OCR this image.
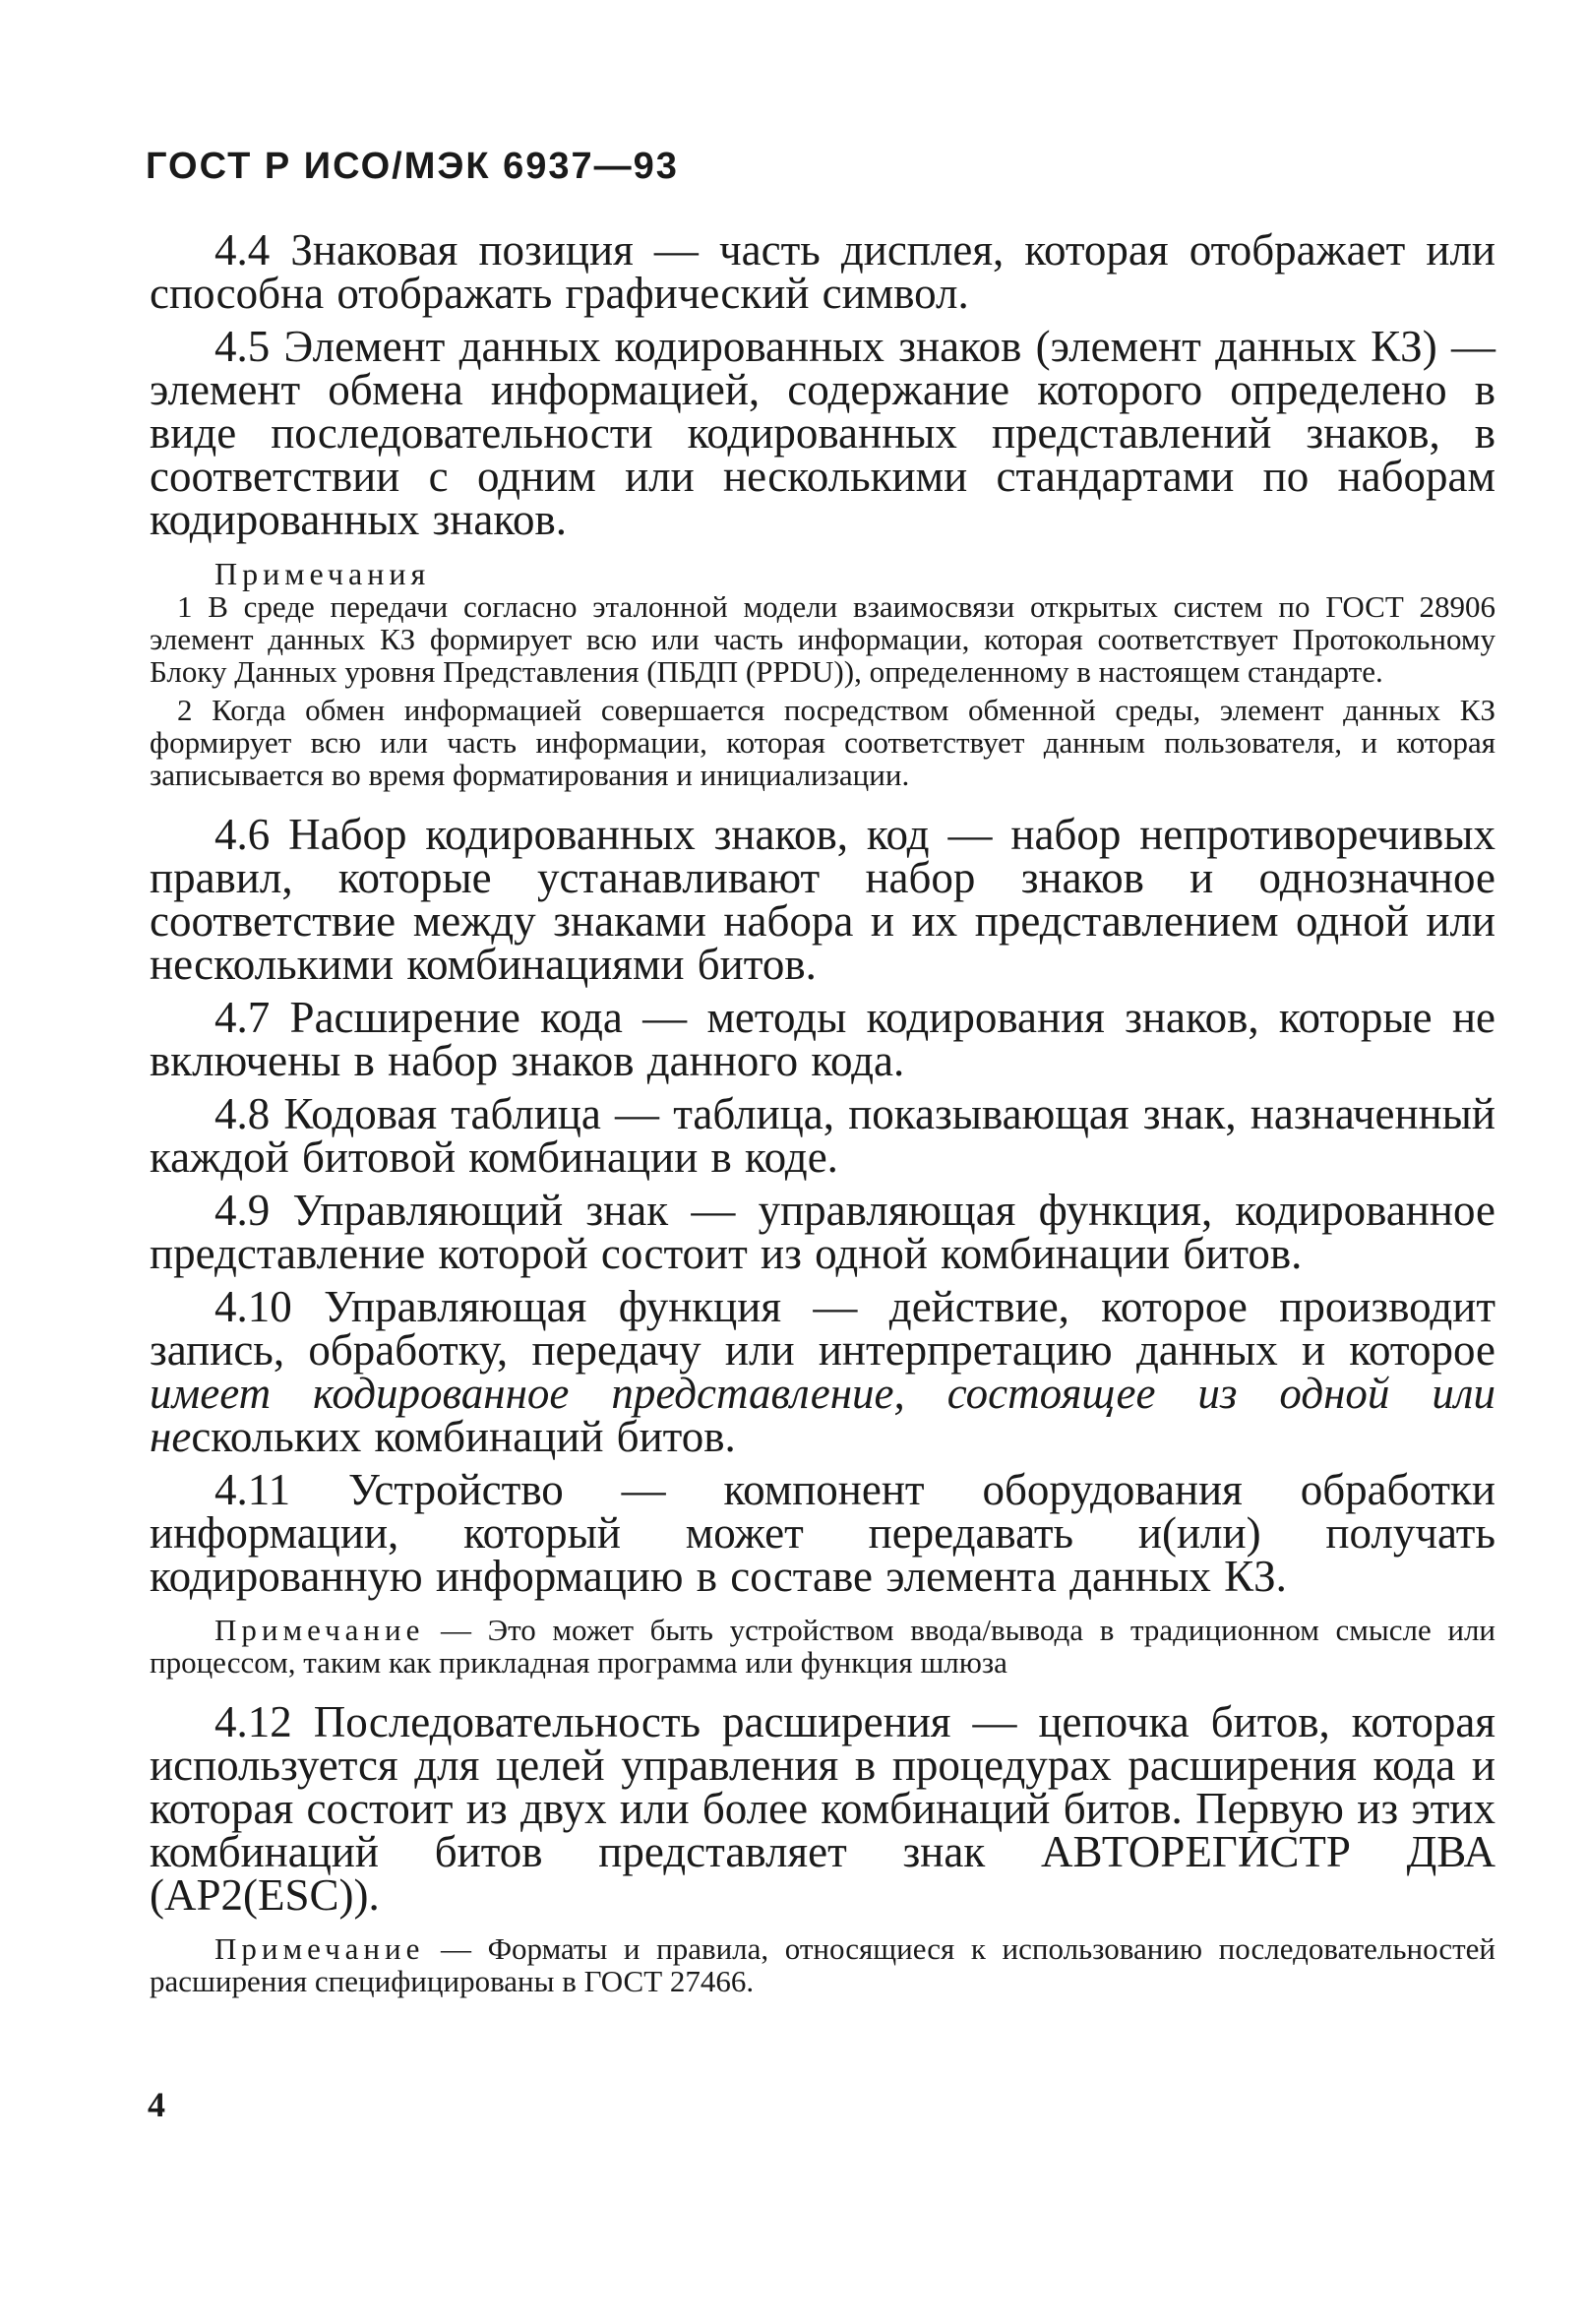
ГОСТ Р ИСО/МЭК 6937—93

4.4 Знаковая позиция — часть дисплея, которая отображает или способна отображать графический символ.

4.5 Элемент данных кодированных знаков (элемент данных КЗ) — элемент обмена информацией, содержание которого определено в виде последовательности кодированных представлений знаков, в соответствии с одним или несколькими стандартами по наборам кодированных знаков.

Примечания

1 В среде передачи согласно эталонной модели взаимосвязи открытых систем по ГОСТ 28906 элемент данных КЗ формирует всю или часть информации, которая соответствует Протокольному Блоку Данных уровня Представления (ПБДП (PPDU)), определенному в настоящем стандарте.

2 Когда обмен информацией совершается посредством обменной среды, элемент данных КЗ формирует всю или часть информации, которая соответствует данным пользователя, и которая записывается во время форматирования и инициализации.

4.6 Набор кодированных знаков, код — набор непротиворечивых правил, которые устанавливают набор знаков и однозначное соответствие между знаками набора и их представлением одной или несколькими комбинациями битов.

4.7 Расширение кода — методы кодирования знаков, которые не включены в набор знаков данного кода.

4.8 Кодовая таблица — таблица, показывающая знак, назначенный каждой битовой комбинации в коде.

4.9 Управляющий знак — управляющая функция, кодированное представление которой состоит из одной комбинации битов.

4.10 Управляющая функция — действие, которое производит запись, обработку, передачу или интерпретацию данных и которое имеет кодированное представление, состоящее из одной или нескольких комбинаций битов.

4.11 Устройство — компонент оборудования обработки информации, который может передавать и(или) получать кодированную информацию в составе элемента данных КЗ.

Примечание — Это может быть устройством ввода/вывода в традиционном смысле или процессом, таким как прикладная программа или функция шлюза

4.12 Последовательность расширения — цепочка битов, которая используется для целей управления в процедурах расширения кода и которая состоит из двух или более комбинаций битов. Первую из этих комбинаций битов представляет знак АВТОРЕГИСТР ДВА (АР2(ESC)).

Примечание — Форматы и правила, относящиеся к использованию последовательностей расширения специфицированы в ГОСТ 27466.

4
